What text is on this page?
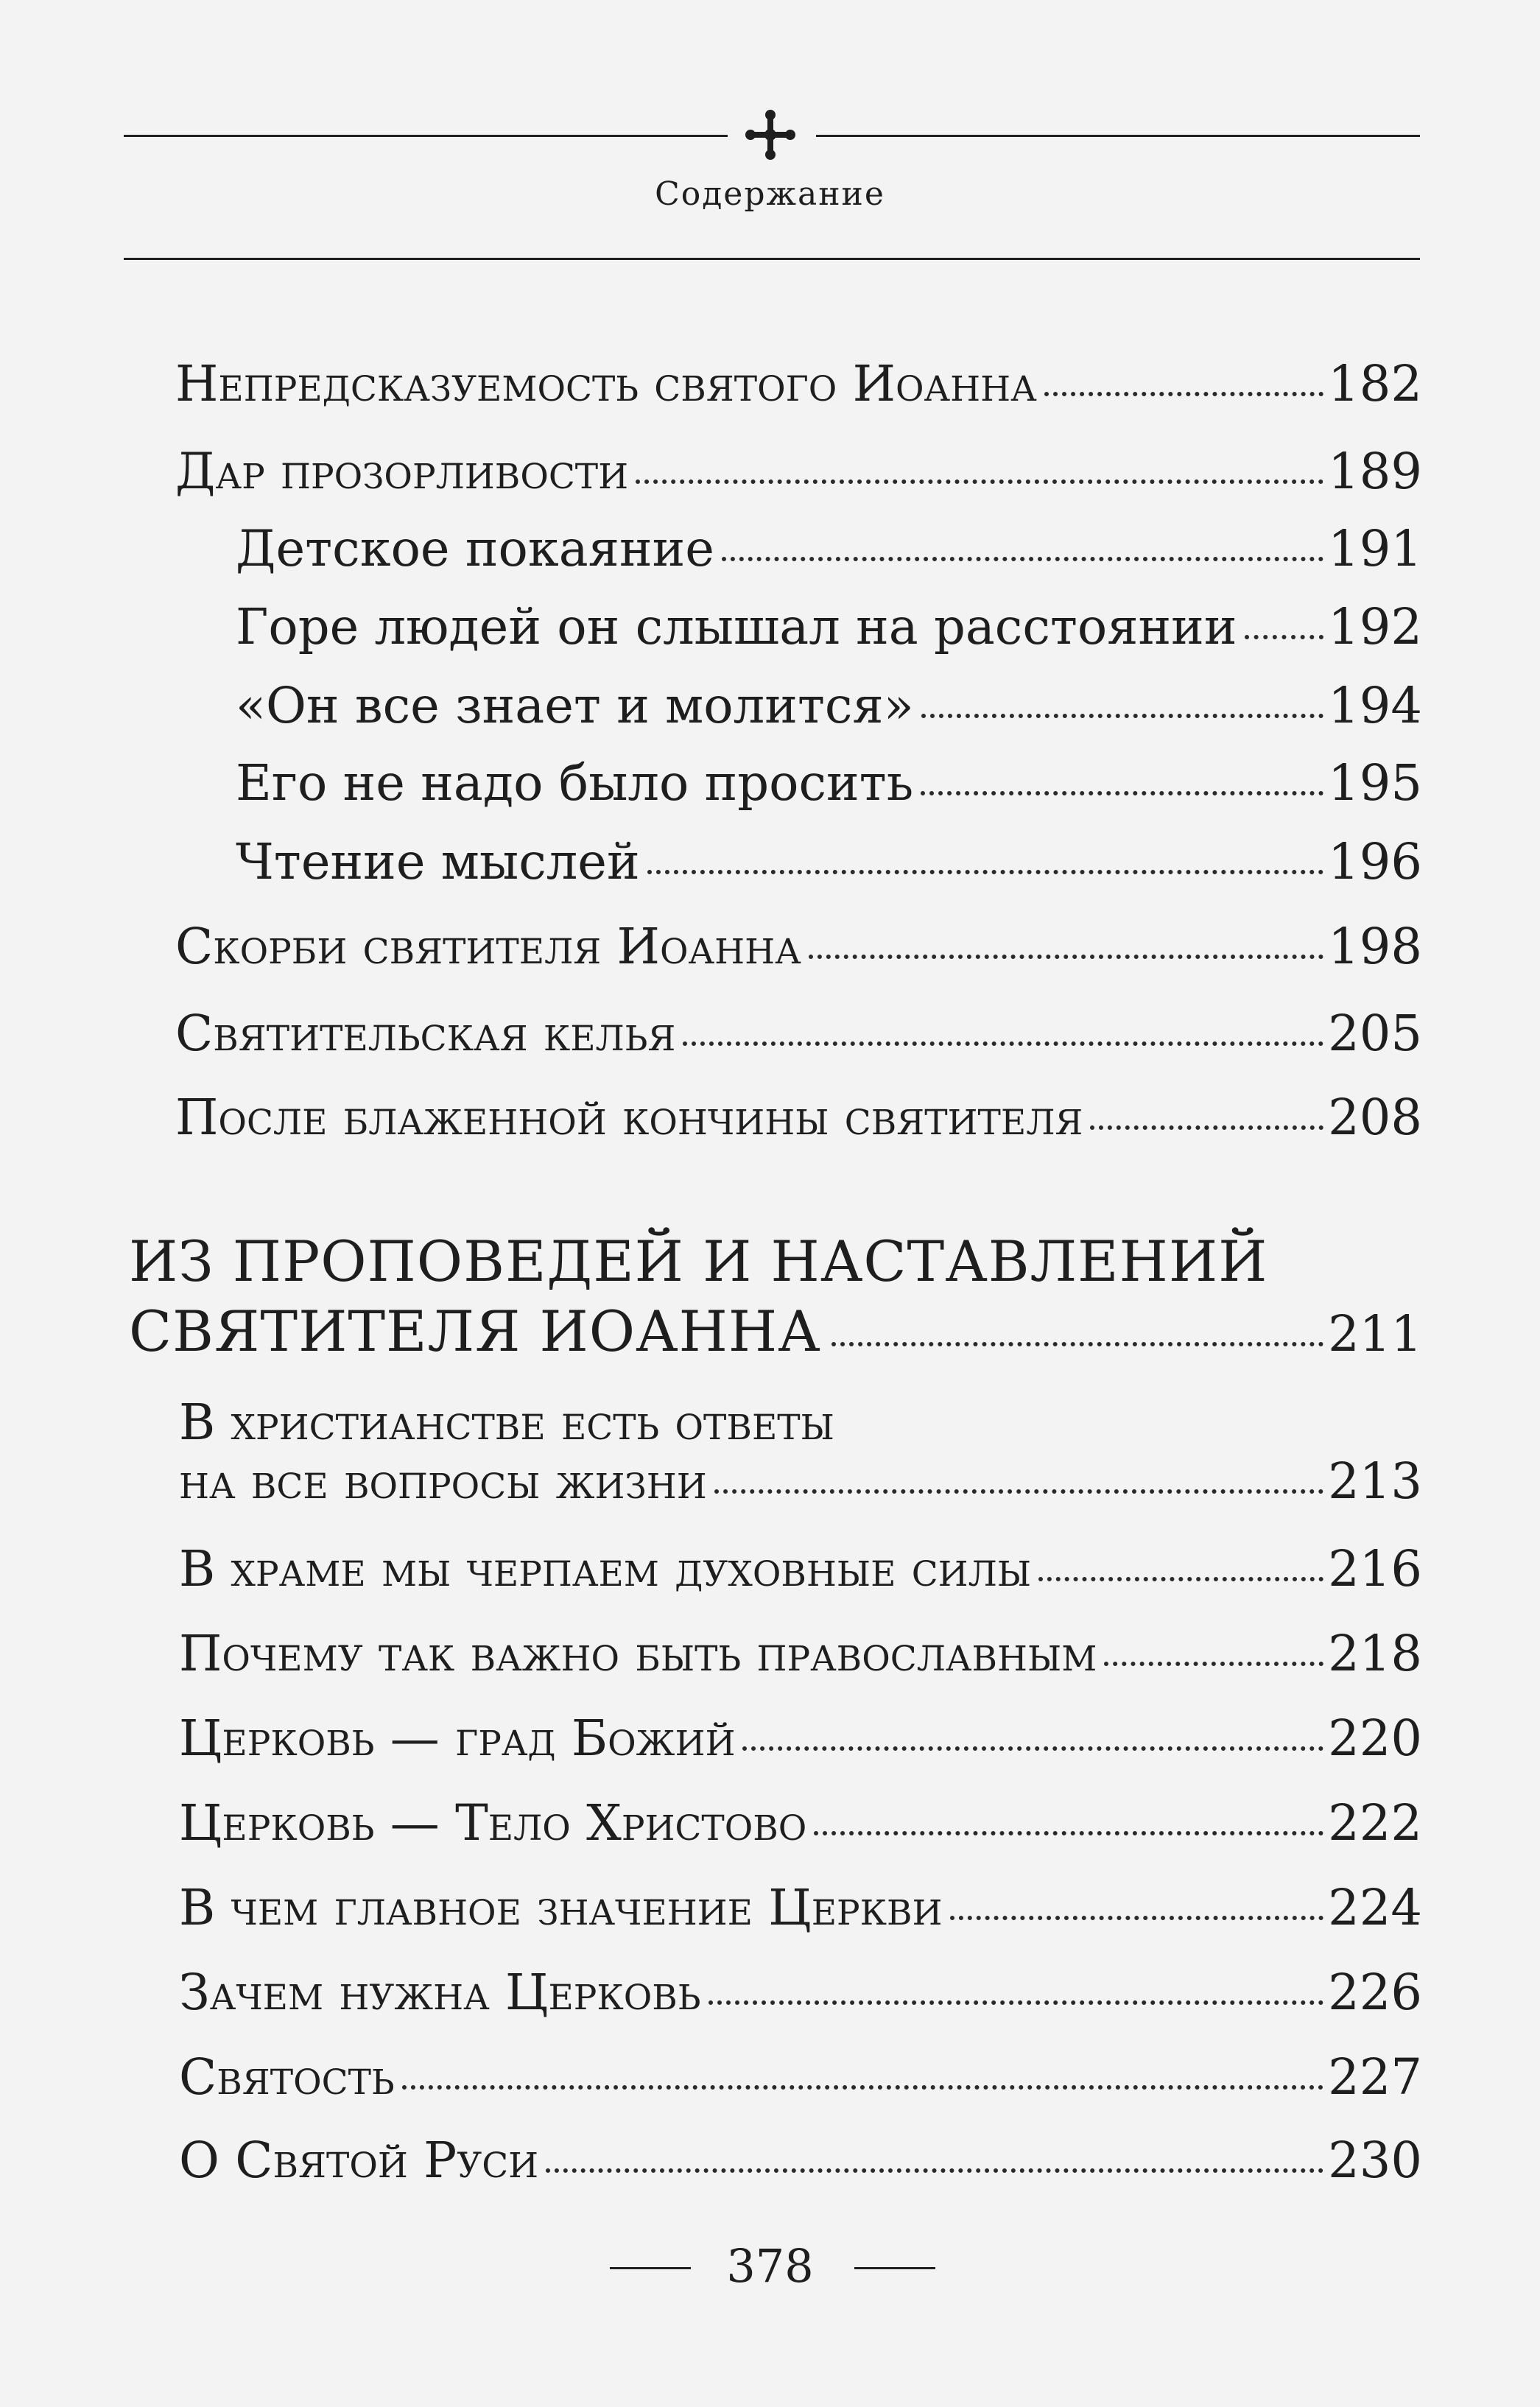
Содержание
Непредсказуемость святого Иоанна	182
Дар прозорливости	189
Детское покаяние	191
Горе людей он слышал на расстоянии 192
«Он все знает и молится»	194
Его не надо было просить	195
Чтение мыслей	196
Скорби святителя Иоанна	198
Святительская келья	205
После блаженной кончины святителя	208
ИЗ ПРОПОВЕДЕЙ И НАСТАВЛЕНИЙ
СВЯТИТЕЛЯ ИОАННА	211
В христианстве есть ответы
на все вопросы жизни	213
В храме мы черпаем духовные силы	216
Почему так важно быть православным	218
Церковь — град Божий	220
Церковь — Тело Христово	222
В чем главное значение Церкви	224
Зачем нужна Церковь	226
Святость	227
О Святой Руси	230
378
